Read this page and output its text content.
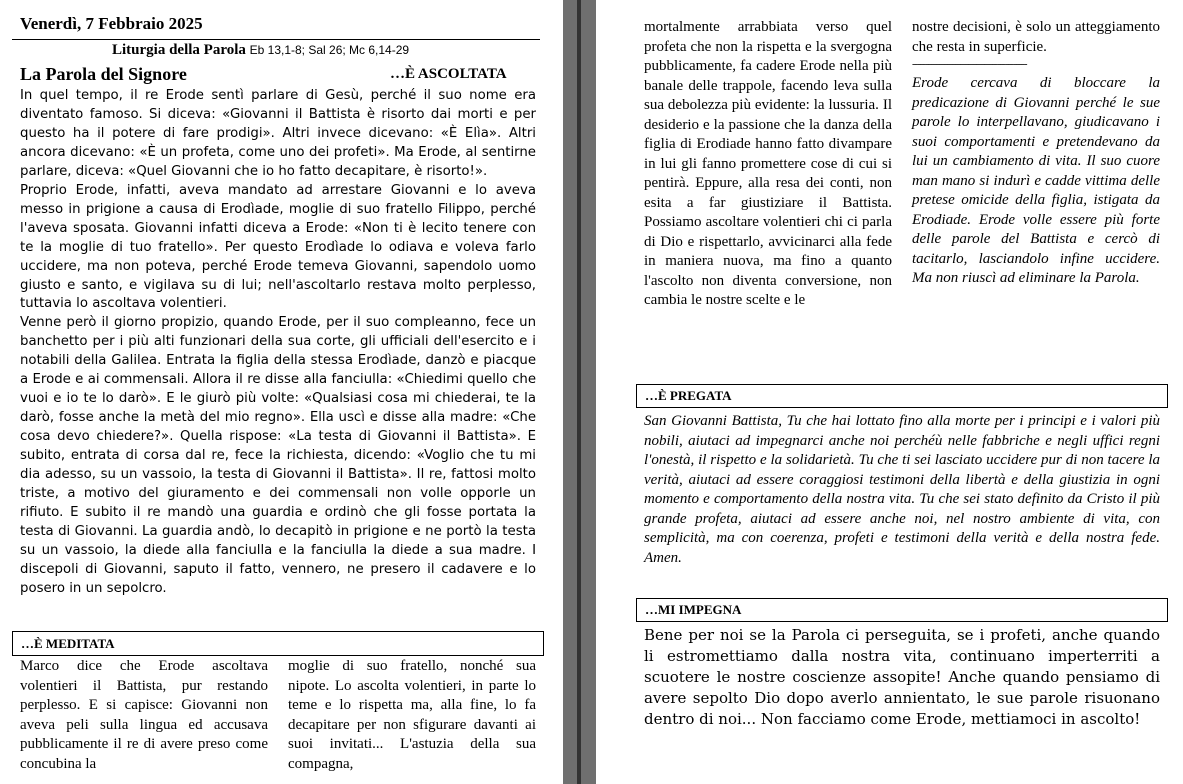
Venerdì, 7 Febbraio 2025
Liturgia della Parola Eb 13,1-8; Sal 26; Mc 6,14-29
La Parola del Signore	…È ASCOLTATA

In quel tempo, il re Erode sentì parlare di Gesù, perché il suo nome era diventato famoso. Si diceva: «Giovanni il Battista è risorto dai morti e per questo ha il potere di fare prodigi». Altri invece dicevano: «È Elìa». Altri ancora dicevano: «È un profeta, come uno dei profeti». Ma Erode, al sentirne parlare, diceva: «Quel Giovanni che io ho fatto decapitare, è risorto!».

Proprio Erode, infatti, aveva mandato ad arrestare Giovanni e lo aveva messo in prigione a causa di Erodìade, moglie di suo fratello Filippo, perché l'aveva sposata. Giovanni infatti diceva a Erode: «Non ti è lecito tenere con te la moglie di tuo fratello». Per questo Erodìade lo odiava e voleva farlo uccidere, ma non poteva, perché Erode temeva Giovanni, sapendolo uomo giusto e santo, e vigilava su di lui; nell'ascoltarlo restava molto perplesso, tuttavia lo ascoltava volentieri.

Venne però il giorno propizio, quando Erode, per il suo compleanno, fece un banchetto per i più alti funzionari della sua corte, gli ufficiali dell'esercito e i notabili della Galilea. Entrata la figlia della stessa Erodìade, danzò e piacque a Erode e ai commensali. Allora il re disse alla fanciulla: «Chiedimi quello che vuoi e io te lo darò». E le giurò più volte: «Qualsiasi cosa mi chiederai, te la darò, fosse anche la metà del mio regno». Ella uscì e disse alla madre: «Che cosa devo chiedere?». Quella rispose: «La testa di Giovanni il Battista». E subito, entrata di corsa dal re, fece la richiesta, dicendo: «Voglio che tu mi dia adesso, su un vassoio, la testa di Giovanni il Battista». Il re, fattosi molto triste, a motivo del giuramento e dei commensali non volle opporle un rifiuto. E subito il re mandò una guardia e ordinò che gli fosse portata la testa di Giovanni. La guardia andò, lo decapitò in prigione e ne portò la testa su un vassoio, la diede alla fanciulla e la fanciulla la diede a sua madre. I discepoli di Giovanni, saputo il fatto, vennero, ne presero il cadavere e lo posero in un sepolcro.

…È MEDITATA
Marco dice che Erode ascoltava volentieri il Battista, pur restando perplesso. E si capisce: Giovanni non aveva peli sulla lingua ed accusava pubblicamente il re di avere preso come concubina la
moglie di suo fratello, nonché sua nipote. Lo ascolta volentieri, in parte lo teme e lo rispetta ma, alla fine, lo fa decapitare per non sfigurare davanti ai suoi invitati... L'astuzia della sua compagna,
mortalmente arrabbiata verso quel profeta che non la rispetta e la svergogna pubblicamente, fa cadere Erode nella più banale delle trappole, facendo leva sulla sua debolezza più evidente: la lussuria. Il desiderio e la passione che la danza della figlia di Erodiade hanno fatto divampare in lui gli fanno promettere cose di cui si pentirà. Eppure, alla resa dei conti, non esita a far giustiziare il Battista. Possiamo ascoltare volentieri chi ci parla di Dio e rispettarlo, avvicinarci alla fede in maniera nuova, ma fino a quanto l'ascolto non diventa conversione, non cambia le nostre scelte e le
nostre decisioni, è solo un atteggiamento che resta in superficie.
-------------------------------------------
Erode cercava di bloccare la predicazione di Giovanni perché le sue parole lo interpellavano, giudicavano i suoi comportamenti e pretendevano da lui un cambiamento di vita. Il suo cuore man mano si indurì e cadde vittima delle pretese omicide della figlia, istigata da Erodiade. Erode volle essere più forte delle parole del Battista e cercò di tacitarlo, lasciandolo infine uccidere. Ma non riuscì ad eliminare la Parola.
…È PREGATA
San Giovanni Battista, Tu che hai lottato fino alla morte per i principi e i valori più nobili, aiutaci ad impegnarci anche noi perchéù nelle fabbriche e negli uffici regni l'onestà, il rispetto e la solidarietà. Tu che ti sei lasciato uccidere pur di non tacere la verità, aiutaci ad essere coraggiosi testimoni della libertà e della giustizia in ogni momento e comportamento della nostra vita. Tu che sei stato definito da Cristo il più grande profeta, aiutaci ad essere anche noi, nel nostro ambiente di vita, con semplicità, ma con coerenza, profeti e testimoni della verità e della nostra fede. Amen.
…MI IMPEGNA
Bene per noi se la Parola ci perseguita, se i profeti, anche quando li estromettiamo dalla nostra vita, continuano imperterriti a scuotere le nostre coscienze assopite! Anche quando pensiamo di avere sepolto Dio dopo averlo annientato, le sue parole risuonano dentro di noi... Non facciamo come Erode, mettiamoci in ascolto!
